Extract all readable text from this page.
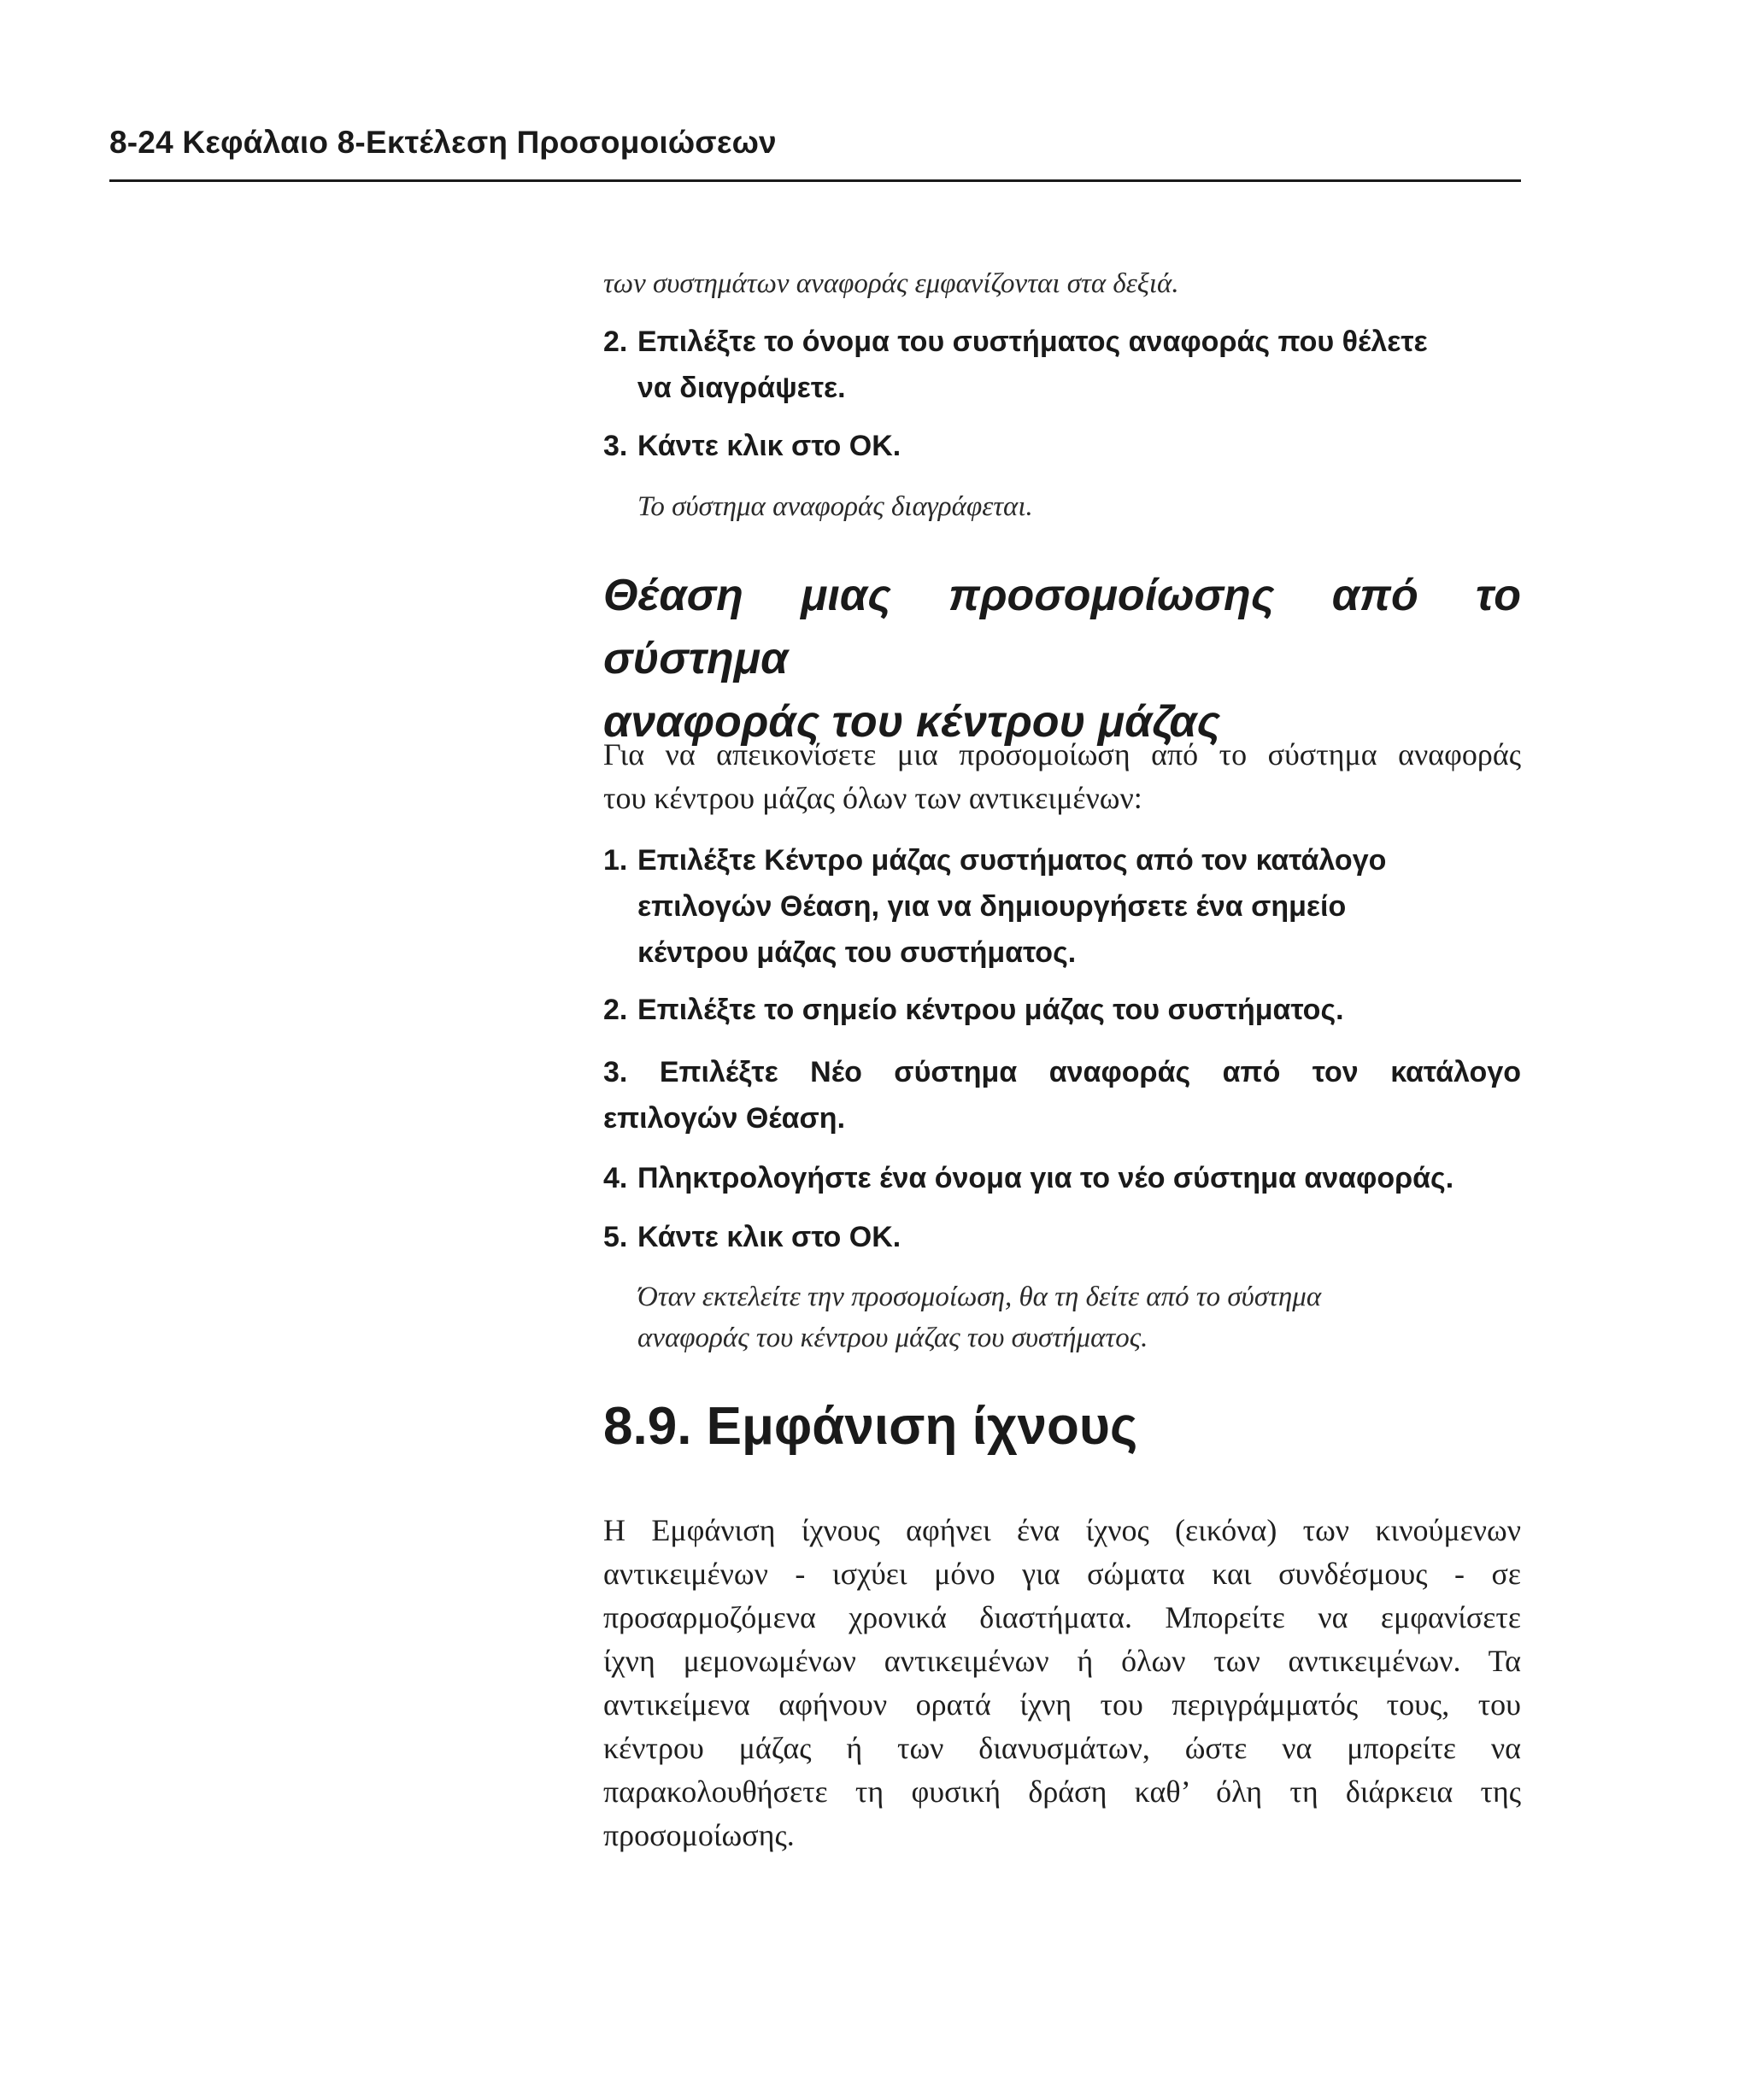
8-24 Κεφάλαιο 8-Εκτέλεση Προσομοιώσεων
των συστημάτων αναφοράς εμφανίζονται στα δεξιά.
2. Επιλέξτε το όνομα του συστήματος αναφοράς που θέλετε
να διαγράψετε.
3. Κάντε κλικ στο ΟΚ.
Το σύστημα αναφοράς διαγράφεται.
Θέαση μιας προσομοίωσης από το σύστημα
αναφοράς του κέντρου μάζας
Για να απεικονίσετε μια προσομοίωση από το σύστημα αναφοράς
του κέντρου μάζας όλων των αντικειμένων:
1. Επιλέξτε Κέντρο μάζας συστήματος από τον κατάλογο
επιλογών Θέαση, για να δημιουργήσετε ένα σημείο
κέντρου μάζας του συστήματος.
2. Επιλέξτε το σημείο κέντρου μάζας του συστήματος.
3. Επιλέξτε Νέο σύστημα αναφοράς από τον κατάλογο
επιλογών Θέαση.
4. Πληκτρολογήστε ένα όνομα για το νέο σύστημα αναφοράς.
5. Κάντε κλικ στο ΟΚ.
Όταν εκτελείτε την προσομοίωση, θα τη δείτε από το σύστημα
αναφοράς του κέντρου μάζας του συστήματος.
8.9. Εμφάνιση ίχνους
Η Εμφάνιση ίχνους αφήνει ένα ίχνος (εικόνα) των κινούμενων
αντικειμένων - ισχύει μόνο για σώματα και συνδέσμους - σε
προσαρμοζόμενα χρονικά διαστήματα. Μπορείτε να εμφανίσετε
ίχνη μεμονωμένων αντικειμένων ή όλων των αντικειμένων. Τα
αντικείμενα αφήνουν ορατά ίχνη του περιγράμματός τους, του
κέντρου μάζας ή των διανυσμάτων, ώστε να μπορείτε να
παρακολουθήσετε τη φυσική δράση καθ’ όλη τη διάρκεια της
προσομοίωσης.
